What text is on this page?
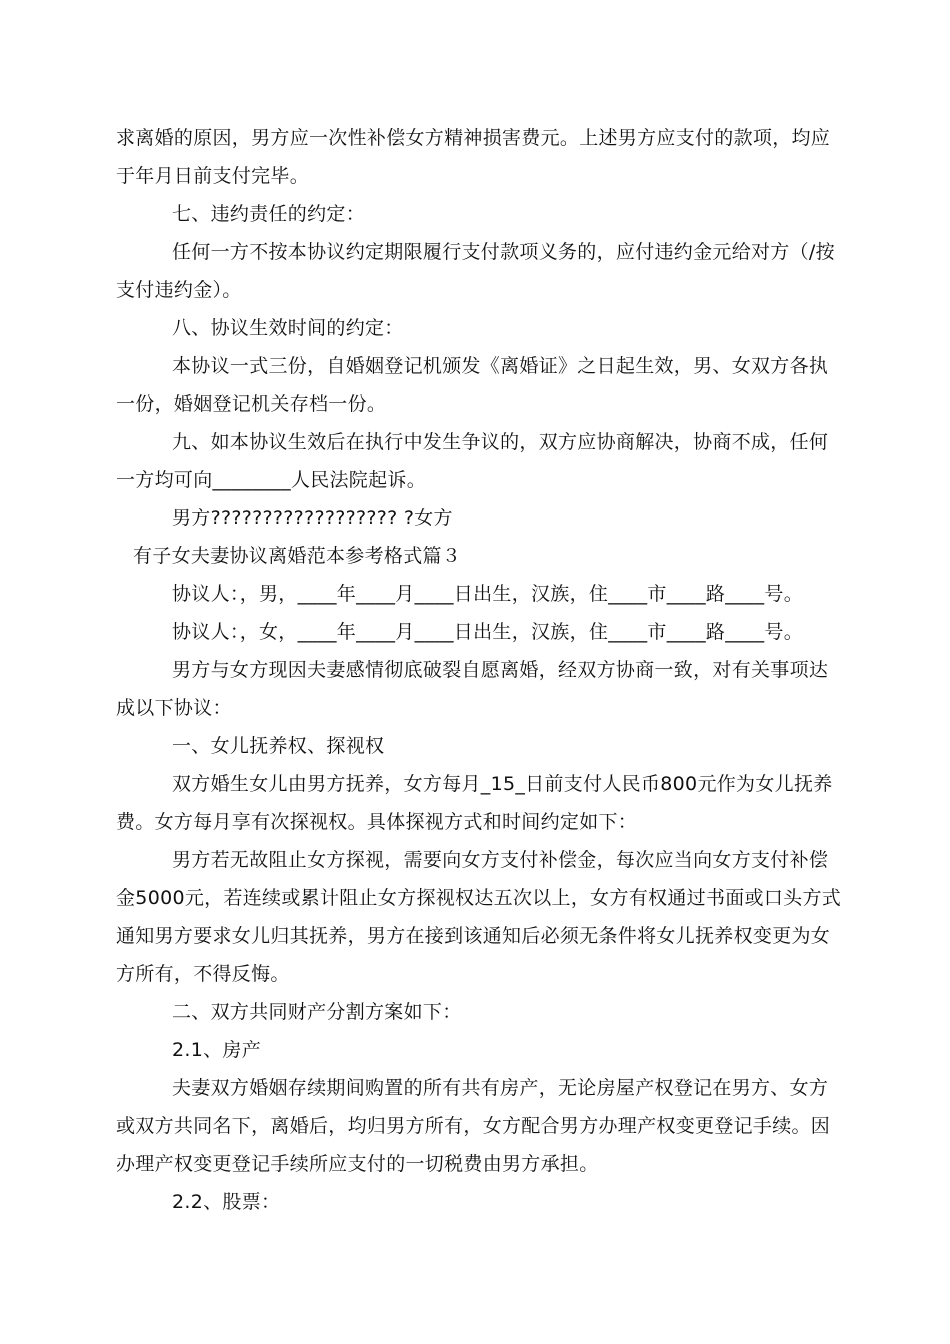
求离婚的原因，男方应一次性补偿女方精神损害费元。上述男方应支付的款项，均应
于年月日前支付完毕。
七、违约责任的约定：
任何一方不按本协议约定期限履行支付款项义务的，应付违约金元给对方（/按
支付违约金）。
八、协议生效时间的约定：
本协议一式三份，自婚姻登记机颁发《离婚证》之日起生效，男、女双方各执
一份，婚姻登记机关存档一份。
九、如本协议生效后在执行中发生争议的，双方应协商解决，协商不成，任何
一方均可向________人民法院起诉。
男方?????????????????? ?女方
有子女夫妻协议离婚范本参考格式篇３
协议人：，男，____年____月____日出生，汉族，住____市____路____号。
协议人：，女，____年____月____日出生，汉族，住____市____路____号。
男方与女方现因夫妻感情彻底破裂自愿离婚，经双方协商一致，对有关事项达
成以下协议：
一、女儿抚养权、探视权
双方婚生女儿由男方抚养，女方每月_15_日前支付人民币800元作为女儿抚养
费。女方每月享有次探视权。具体探视方式和时间约定如下：
男方若无故阻止女方探视，需要向女方支付补偿金，每次应当向女方支付补偿
金5000元，若连续或累计阻止女方探视权达五次以上，女方有权通过书面或口头方式
通知男方要求女儿归其抚养，男方在接到该通知后必须无条件将女儿抚养权变更为女
方所有，不得反悔。
二、双方共同财产分割方案如下：
2.1、房产
夫妻双方婚姻存续期间购置的所有共有房产，无论房屋产权登记在男方、女方
或双方共同名下，离婚后，均归男方所有，女方配合男方办理产权变更登记手续。因
办理产权变更登记手续所应支付的一切税费由男方承担。
2.2、股票：
